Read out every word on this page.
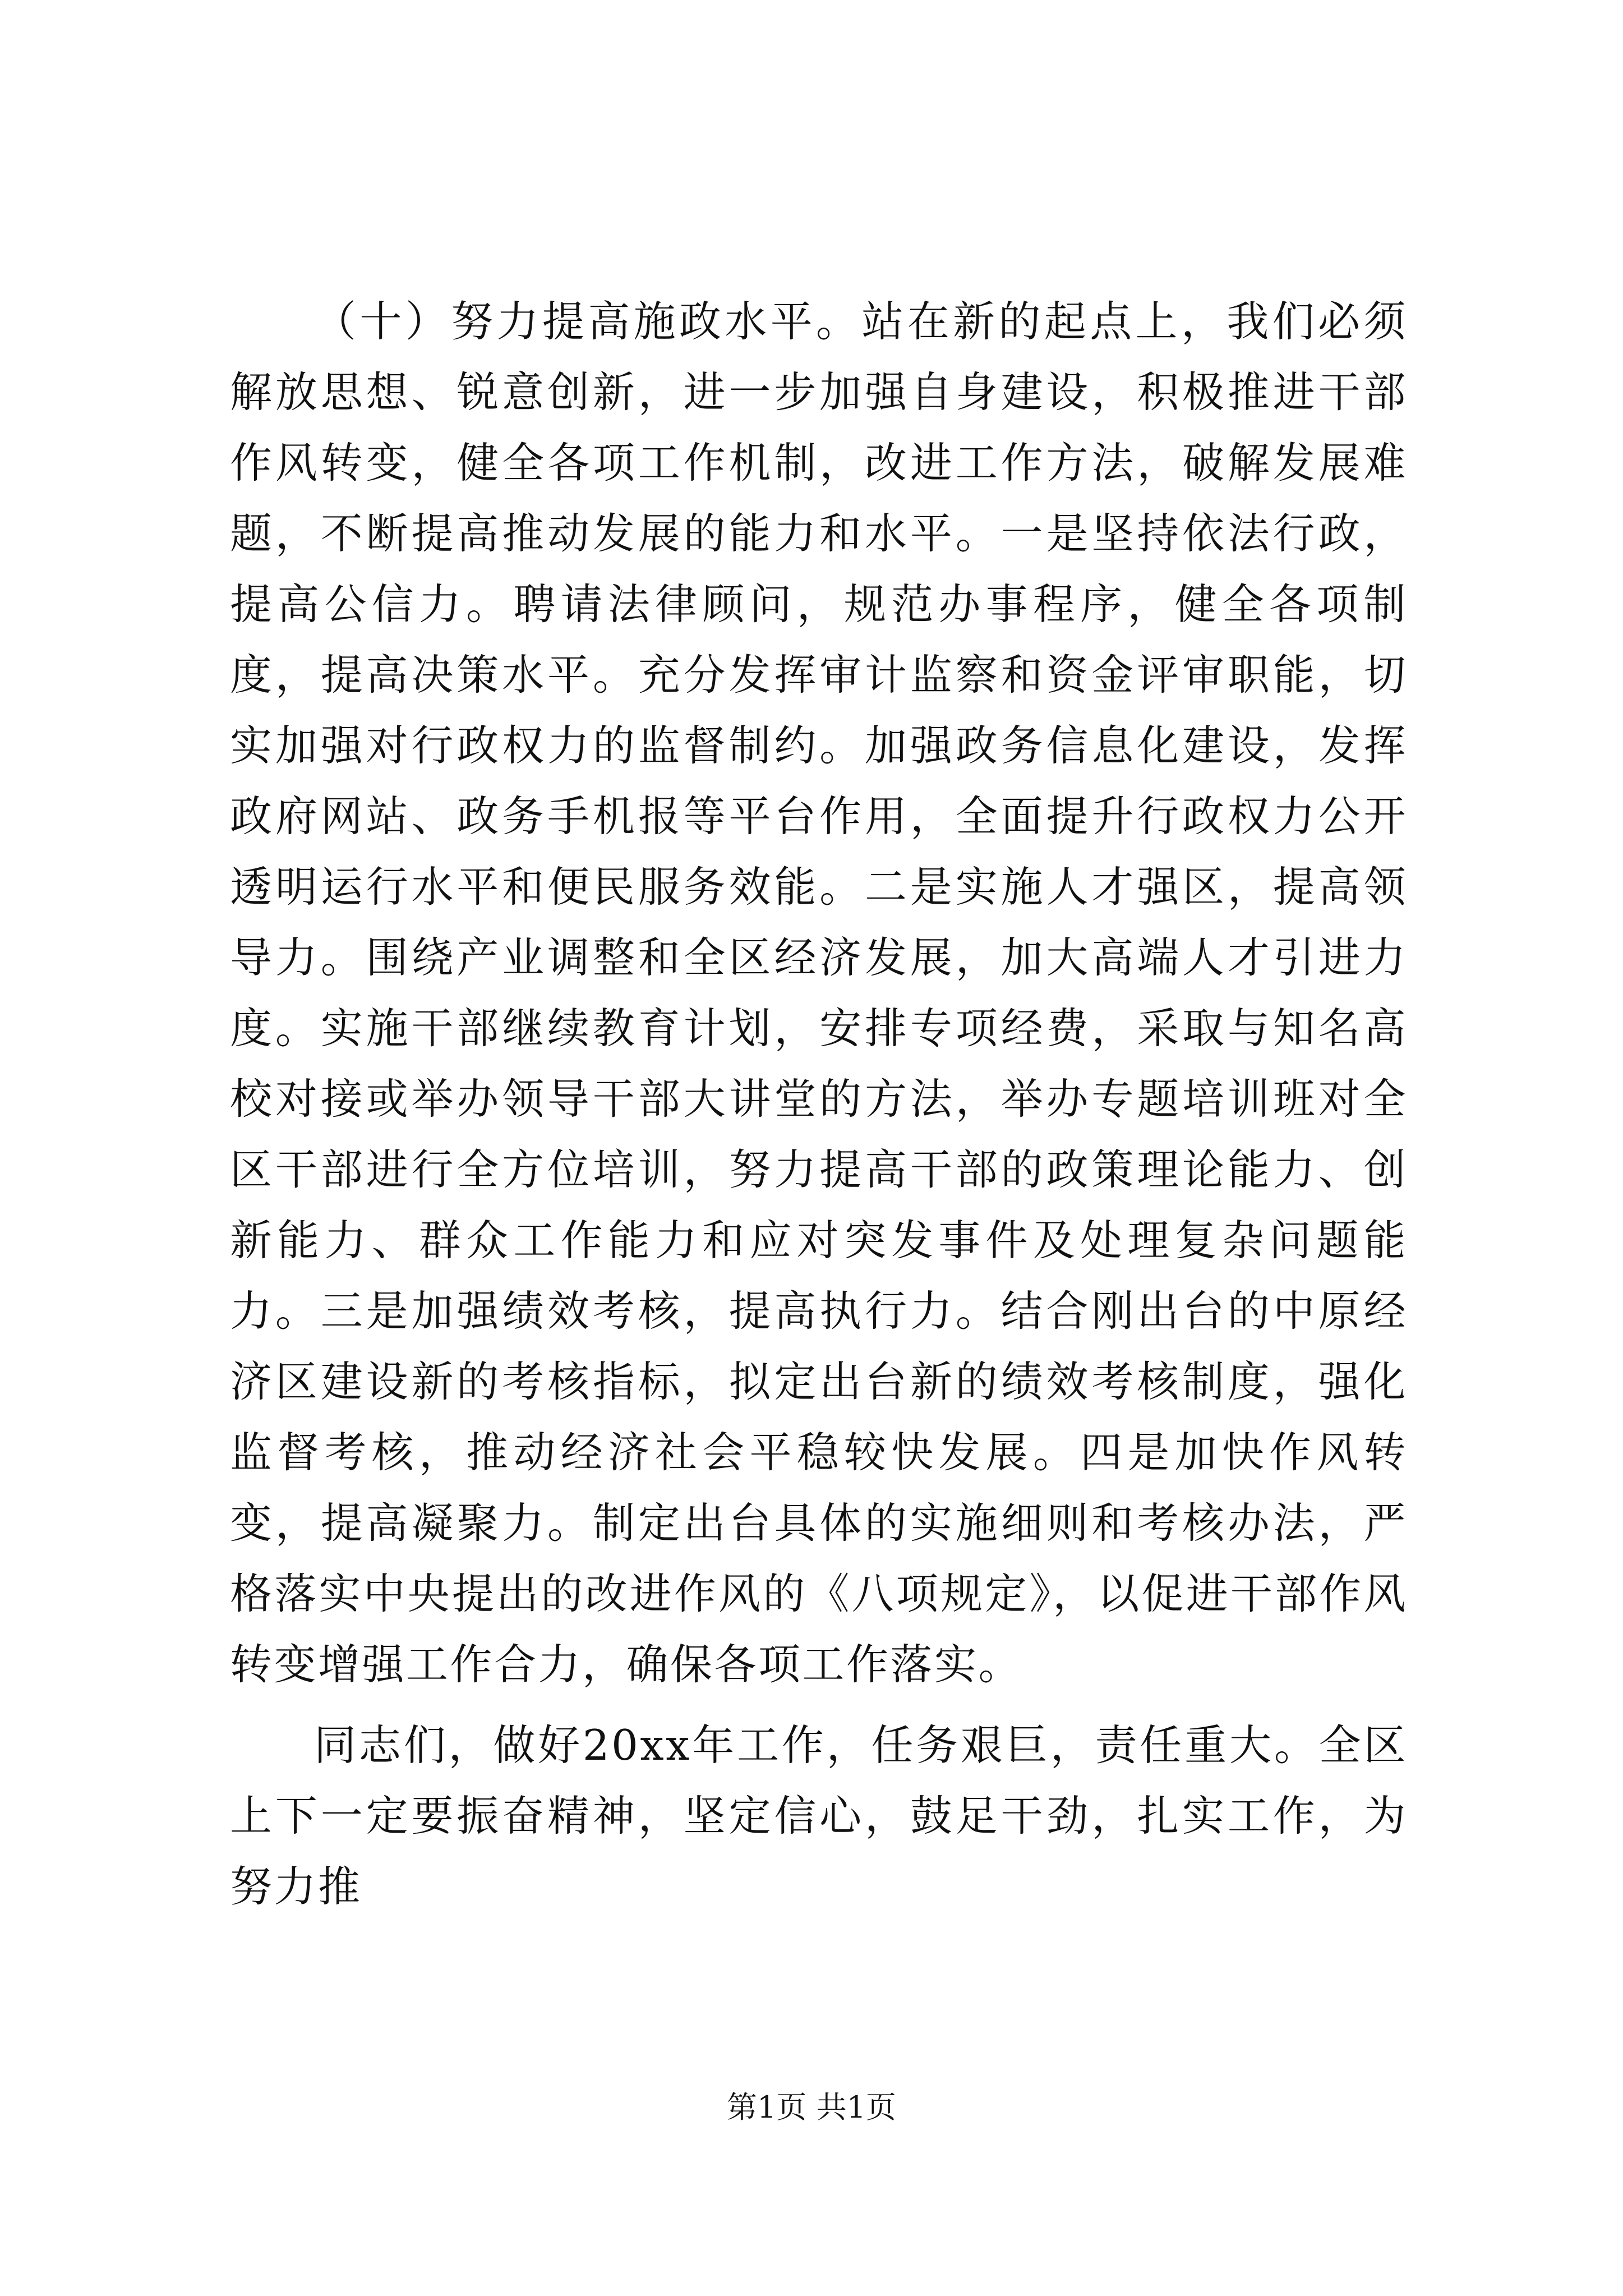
（十）努力提高施政水平。站在新的起点上，我们必须解放思想、锐意创新，进一步加强自身建设，积极推进干部作风转变，健全各项工作机制，改进工作方法，破解发展难题，不断提高推动发展的能力和水平。一是坚持依法行政，提高公信力。聘请法律顾问，规范办事程序，健全各项制度，提高决策水平。充分发挥审计监察和资金评审职能，切实加强对行政权力的监督制约。加强政务信息化建设，发挥政府网站、政务手机报等平台作用，全面提升行政权力公开透明运行水平和便民服务效能。二是实施人才强区，提高领导力。围绕产业调整和全区经济发展，加大高端人才引进力度。实施干部继续教育计划，安排专项经费，采取与知名高校对接或举办领导干部大讲堂的方法，举办专题培训班对全区干部进行全方位培训，努力提高干部的政策理论能力、创新能力、群众工作能力和应对突发事件及处理复杂问题能力。三是加强绩效考核，提高执行力。结合刚出台的中原经济区建设新的考核指标，拟定出台新的绩效考核制度，强化监督考核，推动经济社会平稳较快发展。四是加快作风转变，提高凝聚力。制定出台具体的实施细则和考核办法，严格落实中央提出的改进作风的《八项规定》，以促进干部作风转变增强工作合力，确保各项工作落实。

同志们，做好20xx年工作，任务艰巨，责任重大。全区上下一定要振奋精神，坚定信心，鼓足干劲，扎实工作，为努力推

第1页 共1页
